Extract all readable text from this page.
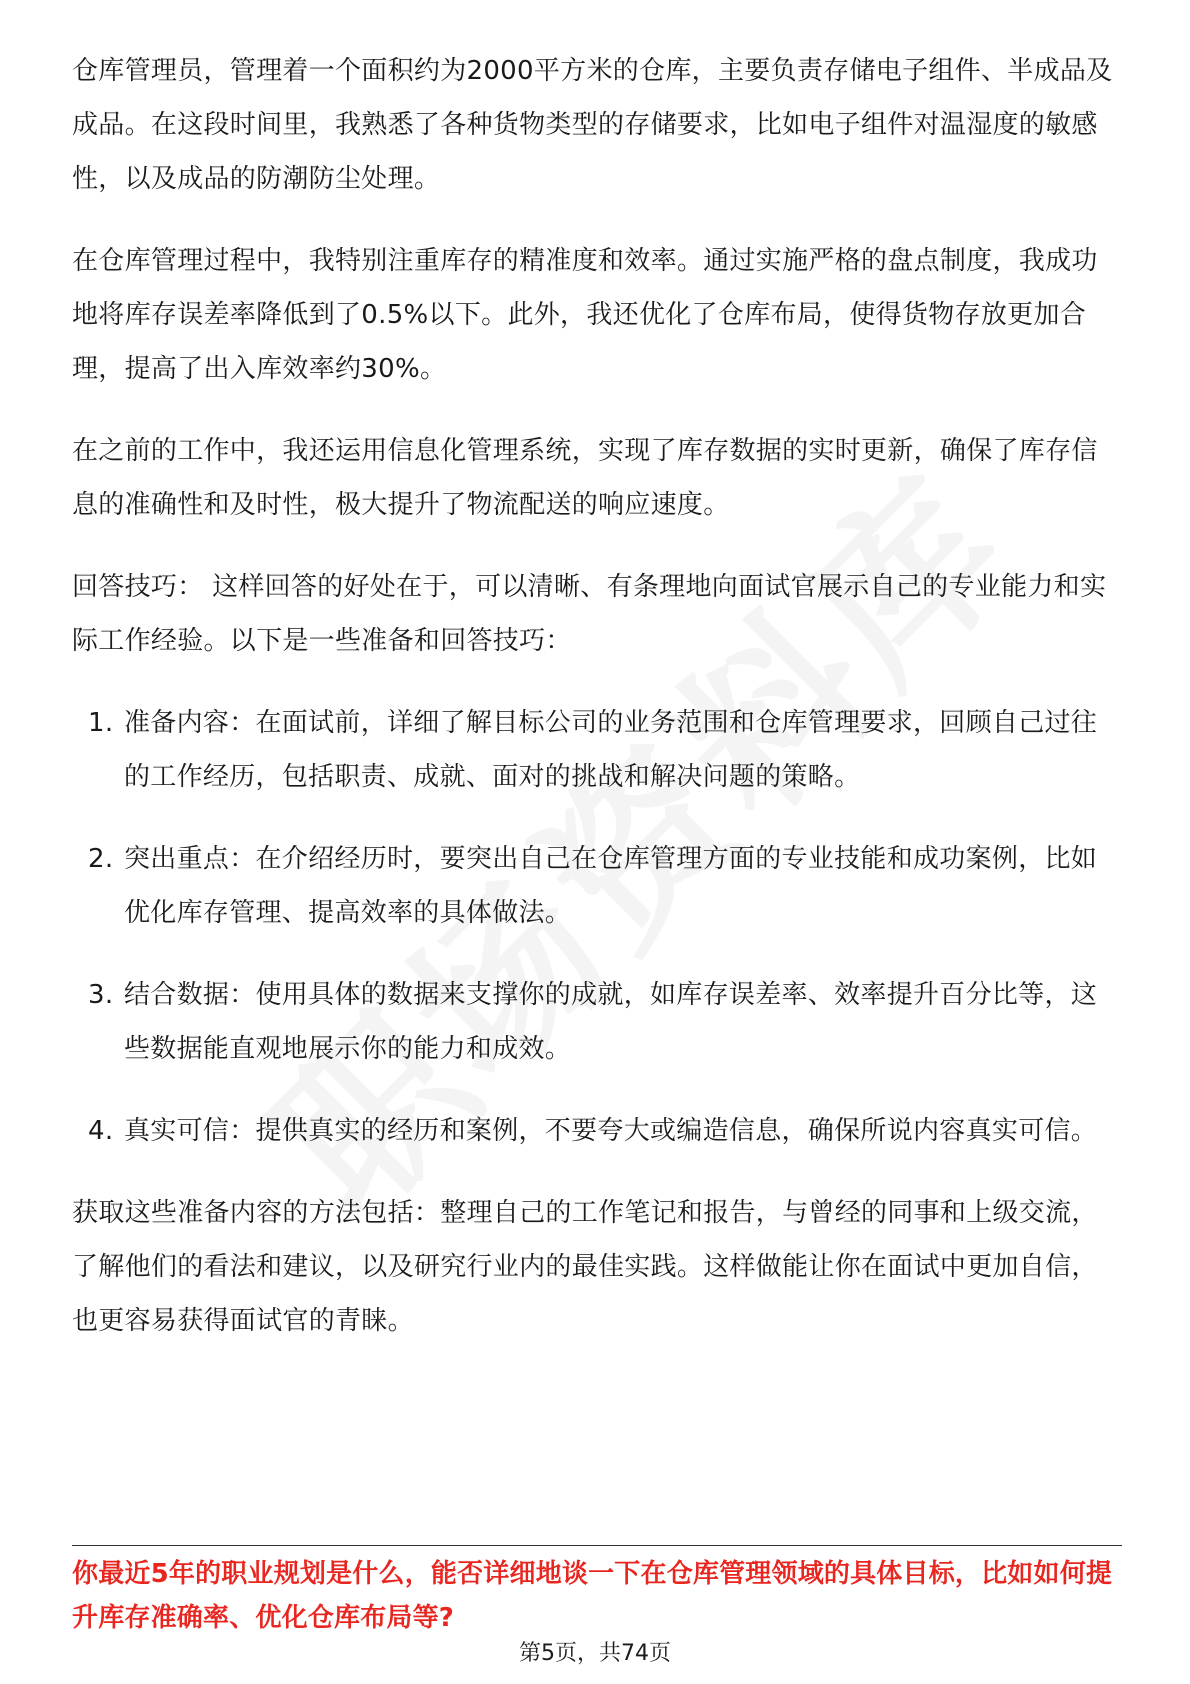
仓库管理员，管理着一个面积约为2000平方米的仓库，主要负责存储电子组件、半成品及成品。在这段时间里，我熟悉了各种货物类型的存储要求，比如电子组件对温湿度的敏感性，以及成品的防潮防尘处理。

在仓库管理过程中，我特别注重库存的精准度和效率。通过实施严格的盘点制度，我成功地将库存误差率降低到了0.5%以下。此外，我还优化了仓库布局，使得货物存放更加合理，提高了出入库效率约30%。

在之前的工作中，我还运用信息化管理系统，实现了库存数据的实时更新，确保了库存信息的准确性和及时性，极大提升了物流配送的响应速度。

回答技巧： 这样回答的好处在于，可以清晰、有条理地向面试官展示自己的专业能力和实际工作经验。以下是一些准备和回答技巧：

1. 准备内容：在面试前，详细了解目标公司的业务范围和仓库管理要求，回顾自己过往的工作经历，包括职责、成就、面对的挑战和解决问题的策略。
2. 突出重点：在介绍经历时，要突出自己在仓库管理方面的专业技能和成功案例，比如优化库存管理、提高效率的具体做法。
3. 结合数据：使用具体的数据来支撑你的成就，如库存误差率、效率提升百分比等，这些数据能直观地展示你的能力和成效。
4. 真实可信：提供真实的经历和案例，不要夸大或编造信息，确保所说内容真实可信。

获取这些准备内容的方法包括：整理自己的工作笔记和报告，与曾经的同事和上级交流，了解他们的看法和建议，以及研究行业内的最佳实践。这样做能让你在面试中更加自信，也更容易获得面试官的青睐。

你最近5年的职业规划是什么，能否详细地谈一下在仓库管理领域的具体目标，比如如何提升库存准确率、优化仓库布局等?
第5页，共74页
